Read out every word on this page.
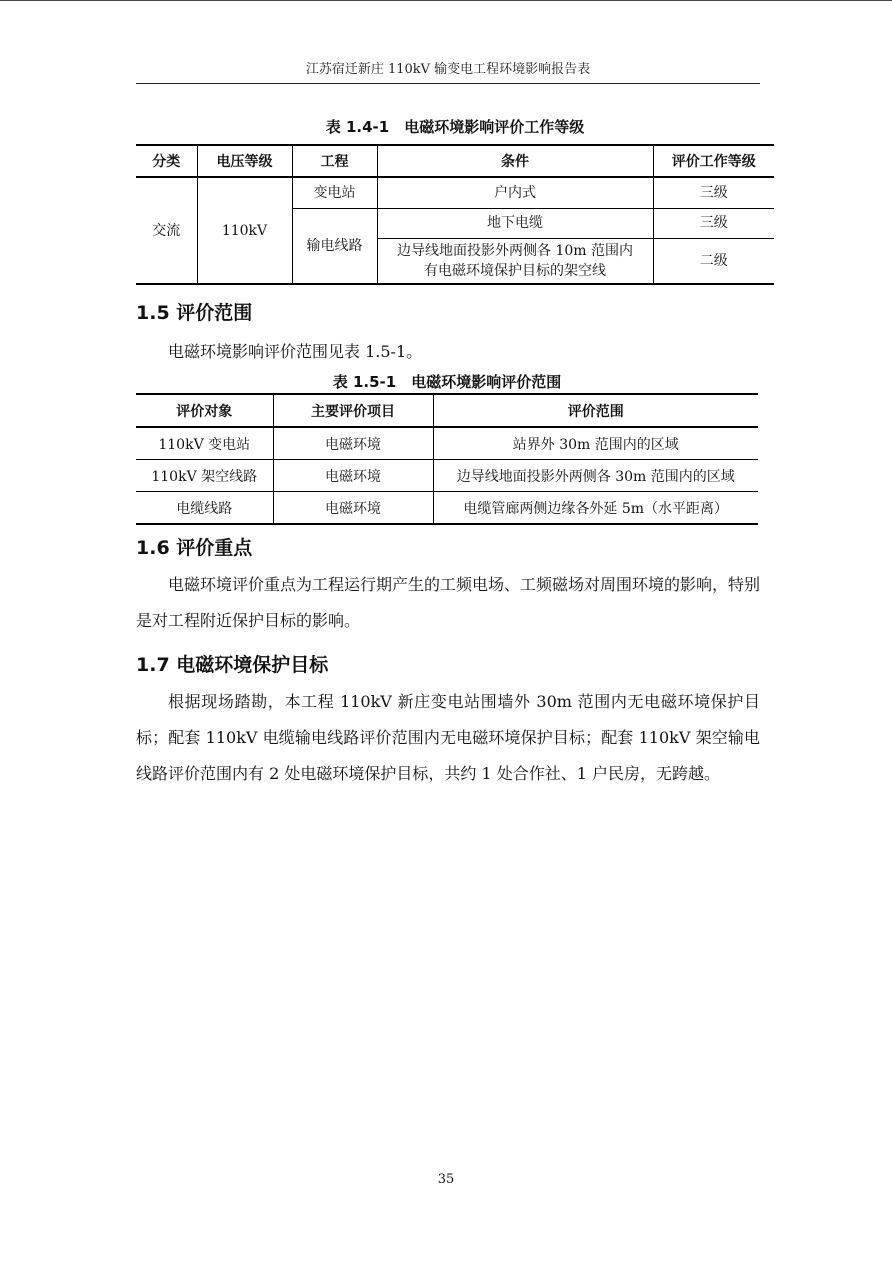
江苏宿迁新庄 110kV 输变电工程环境影响报告表
表 1.4-1　电磁环境影响评价工作等级
分类	电压等级	工程	条件	评价工作等级
交流	110kV	变电站	户内式	三级
		输电线路	地下电缆	三级

			边导线地面投影外两侧各 10m 范围内
有电磁环境保护目标的架空线	二级
1.5 评价范围

电磁环境影响评价范围见表 1.5-1。

表 1.5-1　电磁环境影响评价范围
评价对象	主要评价项目	评价范围
110kV 变电站	电磁环境	站界外 30m 范围内的区域
110kV 架空线路	电磁环境	边导线地面投影外两侧各 30m 范围内的区域
电缆线路	电磁环境	电缆管廊两侧边缘各外延 5m（水平距离）
1.6 评价重点

电磁环境评价重点为工程运行期产生的工频电场、工频磁场对周围环境的影响，特别是对工程附近保护目标的影响。

1.7 电磁环境保护目标

根据现场踏勘，本工程 110kV 新庄变电站围墙外 30m 范围内无电磁环境保护目标；配套 110kV 电缆输电线路评价范围内无电磁环境保护目标；配套 110kV 架空输电线路评价范围内有 2 处电磁环境保护目标，共约 1 处合作社、1 户民房，无跨越。

35
